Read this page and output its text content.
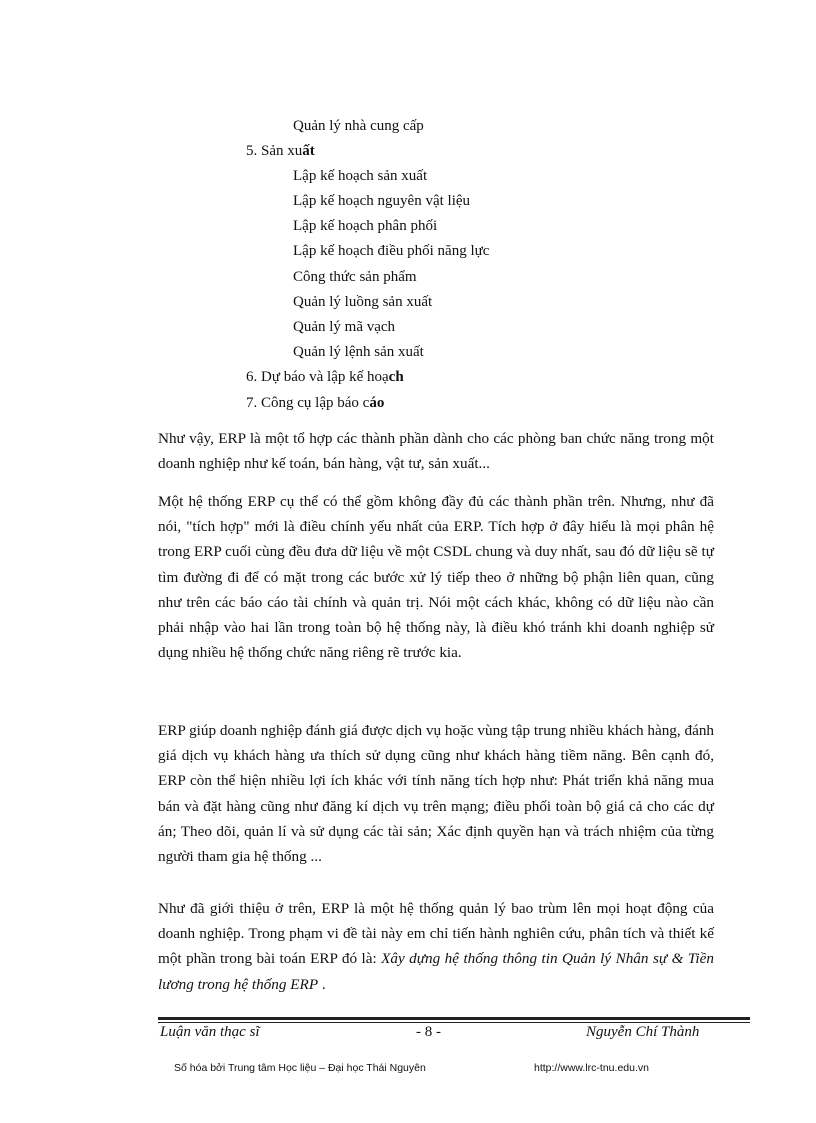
Quản lý nhà cung cấp
5. Sản xuất
Lập kế hoạch sản xuất
Lập kế hoạch nguyên vật liệu
Lập kế hoạch phân phối
Lập kế hoạch điều phối năng lực
Công thức sản phẩm
Quản lý luồng sản xuất
Quản lý mã vạch
Quản lý lệnh sản xuất
6. Dự báo và lập kế hoạch
7. Công cụ lập báo cáo
Như vậy, ERP là một tổ hợp các thành phần dành cho các phòng ban chức năng trong một doanh nghiệp như kế toán, bán hàng, vật tư, sản xuất...
Một hệ thống ERP cụ thể có thể gồm không đầy đủ các thành phần trên. Nhưng, như đã nói, "tích hợp" mới là điều chính yếu nhất của ERP. Tích hợp ở đây hiểu là mọi phân hệ trong ERP cuối cùng đều đưa dữ liệu về một CSDL chung và duy nhất, sau đó dữ liệu sẽ tự tìm đường đi để có mặt trong các bước xử lý tiếp theo ở những bộ phận liên quan, cũng như trên các báo cáo tài chính và quản trị. Nói một cách khác, không có dữ liệu nào cần phải nhập vào hai lần trong toàn bộ hệ thống này, là điều khó tránh khi doanh nghiệp sử dụng nhiều hệ thống chức năng riêng rẽ trước kia.
ERP giúp doanh nghiệp đánh giá được dịch vụ hoặc vùng tập trung nhiều khách hàng, đánh giá dịch vụ khách hàng ưa thích sử dụng cũng như khách hàng tiềm năng. Bên cạnh đó, ERP còn thể hiện nhiều lợi ích khác với tính năng tích hợp như: Phát triển khả năng mua bán và đặt hàng cũng như đăng kí dịch vụ trên mạng; điều phối toàn bộ giá cả cho các dự án; Theo dõi, quản lí và sử dụng các tài sản; Xác định quyền hạn và trách nhiệm của từng người tham gia hệ thống ...
Như đã giới thiệu ở trên, ERP là một hệ thống quản lý bao trùm lên mọi hoạt động của doanh nghiệp. Trong phạm vi đề tài này em chỉ tiến hành nghiên cứu, phân tích và thiết kế một phần trong bài toán ERP đó là: Xây dựng hệ thống thông tin Quản lý Nhân sự & Tiền lương trong hệ thống ERP .
Luận văn thạc sĩ	- 8 -	Nguyễn Chí Thành
Số hóa bởi Trung tâm Học liệu – Đại học Thái Nguyên	http://www.lrc-tnu.edu.vn
